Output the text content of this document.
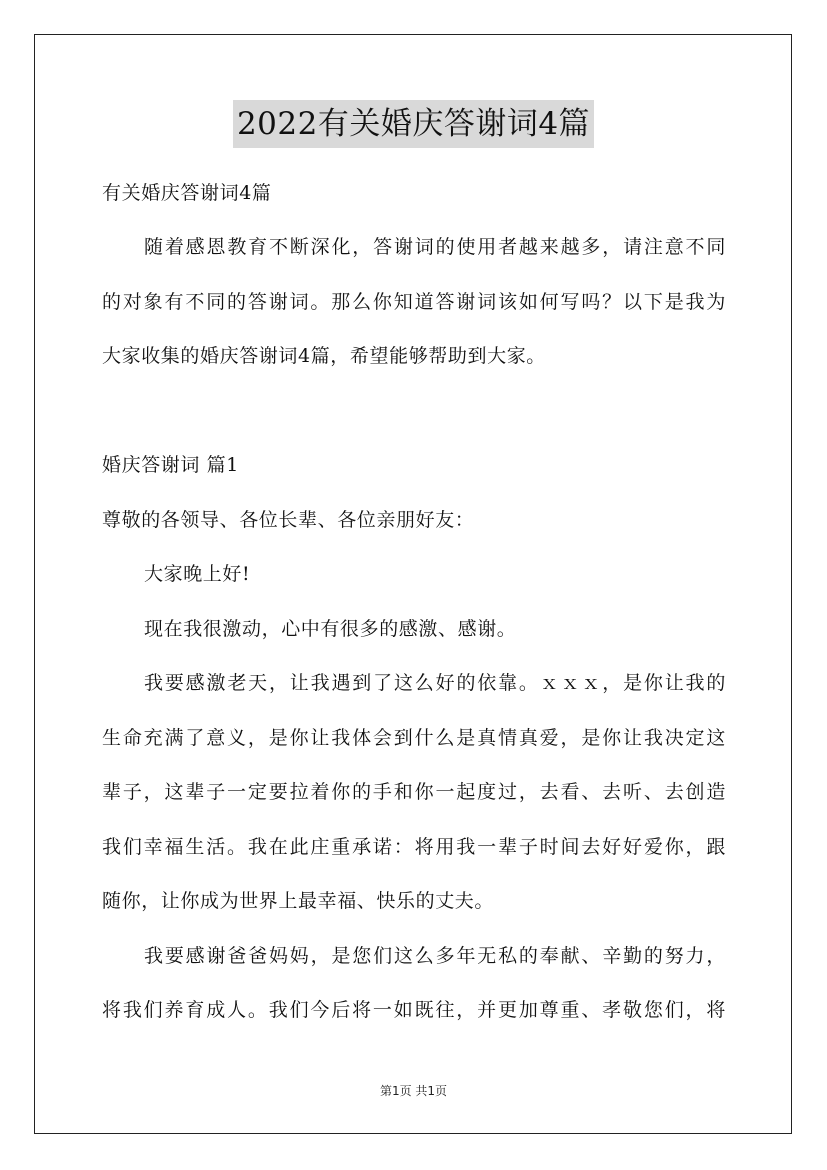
2022有关婚庆答谢词4篇
有关婚庆答谢词4篇
随着感恩教育不断深化，答谢词的使用者越来越多，请注意不同
的对象有不同的答谢词。那么你知道答谢词该如何写吗？以下是我为
大家收集的婚庆答谢词4篇，希望能够帮助到大家。
婚庆答谢词 篇1
尊敬的各领导、各位长辈、各位亲朋好友：
大家晚上好!
现在我很激动，心中有很多的感激、感谢。
我要感激老天，让我遇到了这么好的依靠。ｘｘｘ，是你让我的
生命充满了意义，是你让我体会到什么是真情真爱，是你让我决定这
辈子，这辈子一定要拉着你的手和你一起度过，去看、去听、去创造
我们幸福生活。我在此庄重承诺：将用我一辈子时间去好好爱你，跟
随你，让你成为世界上最幸福、快乐的丈夫。
我要感谢爸爸妈妈，是您们这么多年无私的奉献、辛勤的努力，
将我们养育成人。我们今后将一如既往，并更加尊重、孝敬您们，将
第1页 共1页
